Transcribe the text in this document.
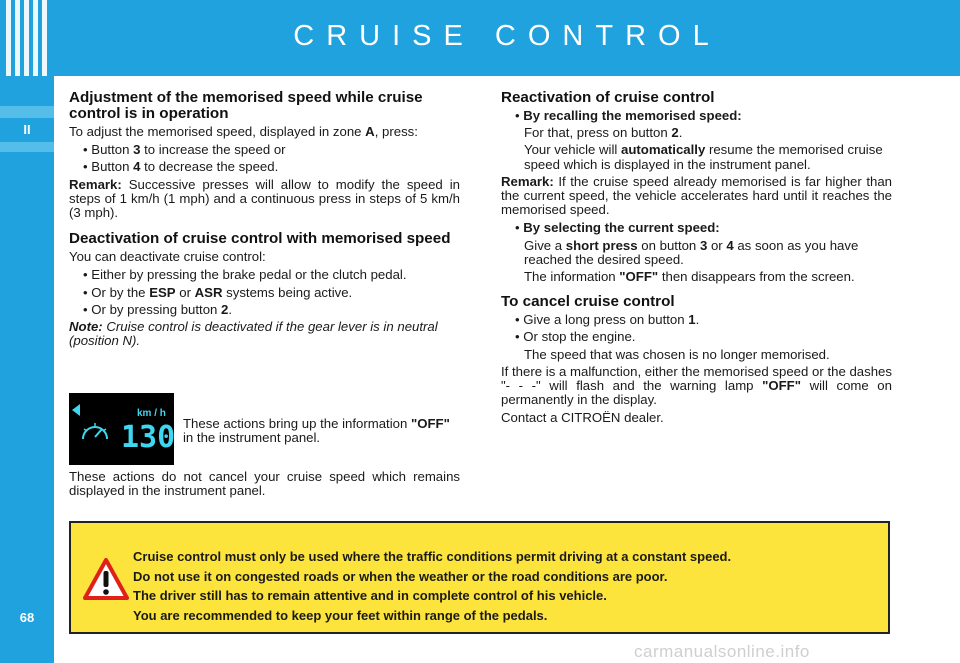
II
68
CRUISE CONTROL
Adjustment of the memorised speed while cruise control is in operation

To adjust the memorised speed, displayed in zone A, press:

• Button 3 to increase the speed or

• Button 4 to decrease the speed.

Remark: Successive presses will allow to modify the speed in steps of 1 km/h (1 mph) and a continuous press in steps of 5 km/h (3 mph).

Deactivation of cruise control with memorised speed

You can deactivate cruise control:

• Either by pressing the brake pedal or the clutch pedal.

• Or by the ESP or ASR systems being active.

• Or by pressing button 2.

Note: Cruise control is deactivated if the gear lever is in neutral (position N).

km / h
130 These actions bring up the information "OFF" in the instrument panel.
These actions do not cancel your cruise speed which remains displayed in the instrument panel.
Reactivation of cruise control

• By recalling the memorised speed:

For that, press on button 2.

Your vehicle will automatically resume the memorised cruise speed which is displayed in the instrument panel.

Remark: If the cruise speed already memorised is far higher than the current speed, the vehicle accelerates hard until it reaches the memorised speed.

• By selecting the current speed:

Give a short press on button 3 or 4 as soon as you have reached the desired speed.

The information "OFF" then disappears from the screen.

To cancel cruise control

• Give a long press on button 1.

• Or stop the engine.

The speed that was chosen is no longer memorised.

If there is a malfunction, either the memorised speed or the dashes "- - -" will flash and the warning lamp "OFF" will come on permanently in the display.

Contact a CITROËN dealer.

Cruise control must only be used where the traffic conditions permit driving at a constant speed.
Do not use it on congested roads or when the weather or the road conditions are poor.
The driver still has to remain attentive and in complete control of his vehicle.
You are recommended to keep your feet within range of the pedals.
carmanualsonline.info
